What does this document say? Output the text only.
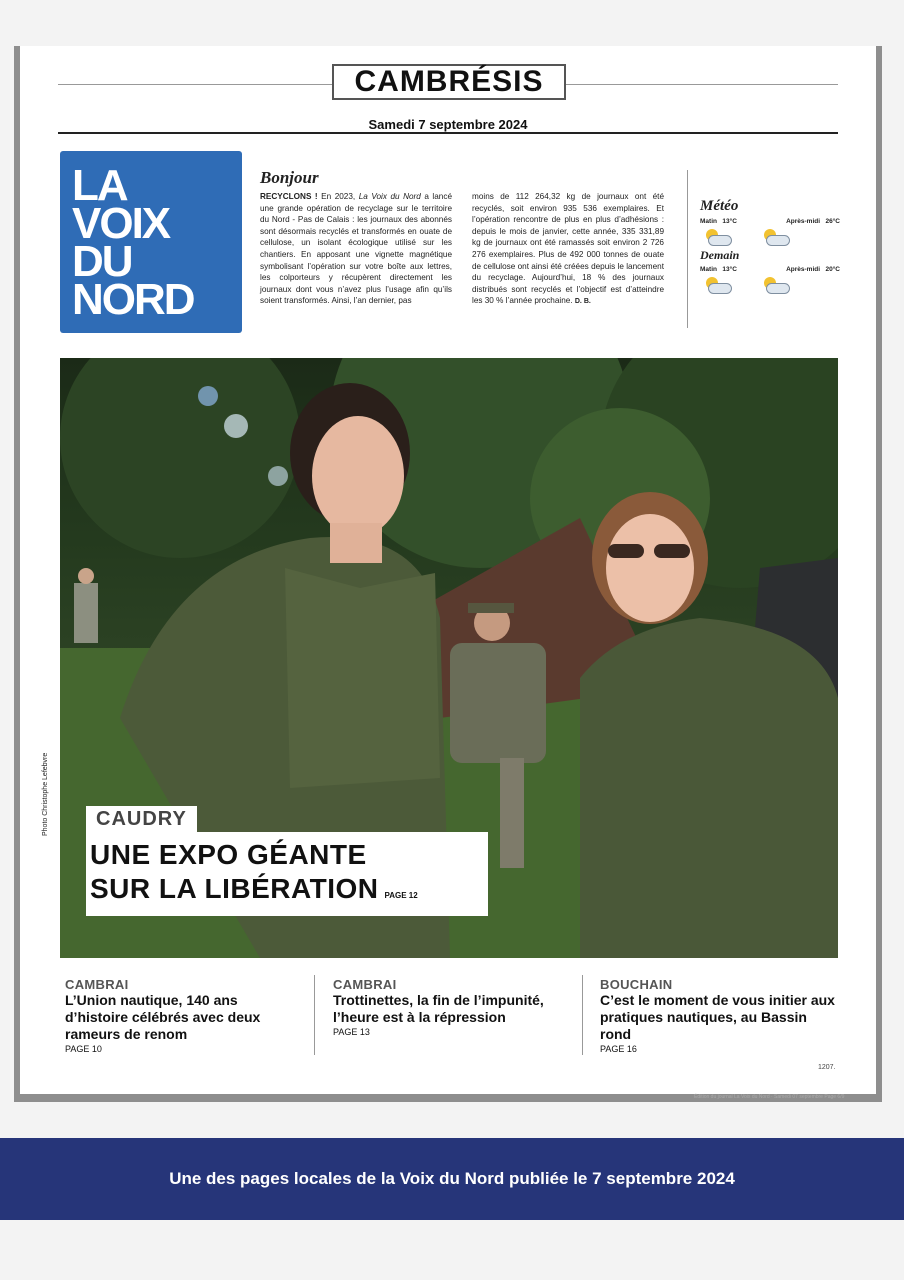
CAMBRÉSIS
Samedi 7 septembre 2024
LA
VOIX
DU
NORD
Bonjour
RECYCLONS ! En 2023, La Voix du Nord a lancé une grande opération de recyclage sur le territoire du Nord - Pas de Calais : les journaux des abonnés sont désormais recyclés et transformés en ouate de cellulose, un isolant écologique utilisé sur les chantiers. En apposant une vignette magnétique symbolisant l’opération sur votre boîte aux lettres, les colporteurs y récupèrent directement les journaux dont vous n’avez plus l’usage afin qu’ils soient transformés. Ainsi, l’an dernier, pas
moins de 112 264,32 kg de journaux ont été recyclés, soit environ 935 536 exemplaires. Et l’opération rencontre de plus en plus d’adhésions : depuis le mois de janvier, cette année, 335 331,89 kg de journaux ont été ramassés soit environ 2 726 276 exemplaires. Plus de 492 000 tonnes de ouate de cellulose ont ainsi été créées depuis le lancement du recyclage. Aujourd’hui, 18 % des journaux distribués sont recyclés et l’objectif est d’atteindre les 30 % l’année prochaine. D. B.
Météo
Matin 13°C	Après-midi 26°C
Demain
Matin 13°C	Après-midi 20°C
Photo Christophe Lefebvre	CAUDRY
UNE EXPO GÉANTE
SUR LA LIBÉRATION PAGE 12
CAMBRAI
L’Union nautique, 140 ans d’histoire célébrés avec deux rameurs de renom
PAGE 10
CAMBRAI
Trottinettes, la fin de l’impunité, l’heure est à la répression
PAGE 13
BOUCHAIN
C’est le moment de vous initier aux pratiques nautiques, au Bassin rond
PAGE 16
1207.
Édition du journal La Voix du Nord · Samedi 07 septembre Page 6/9
Une des pages locales de la Voix du Nord publiée le 7 septembre 2024
